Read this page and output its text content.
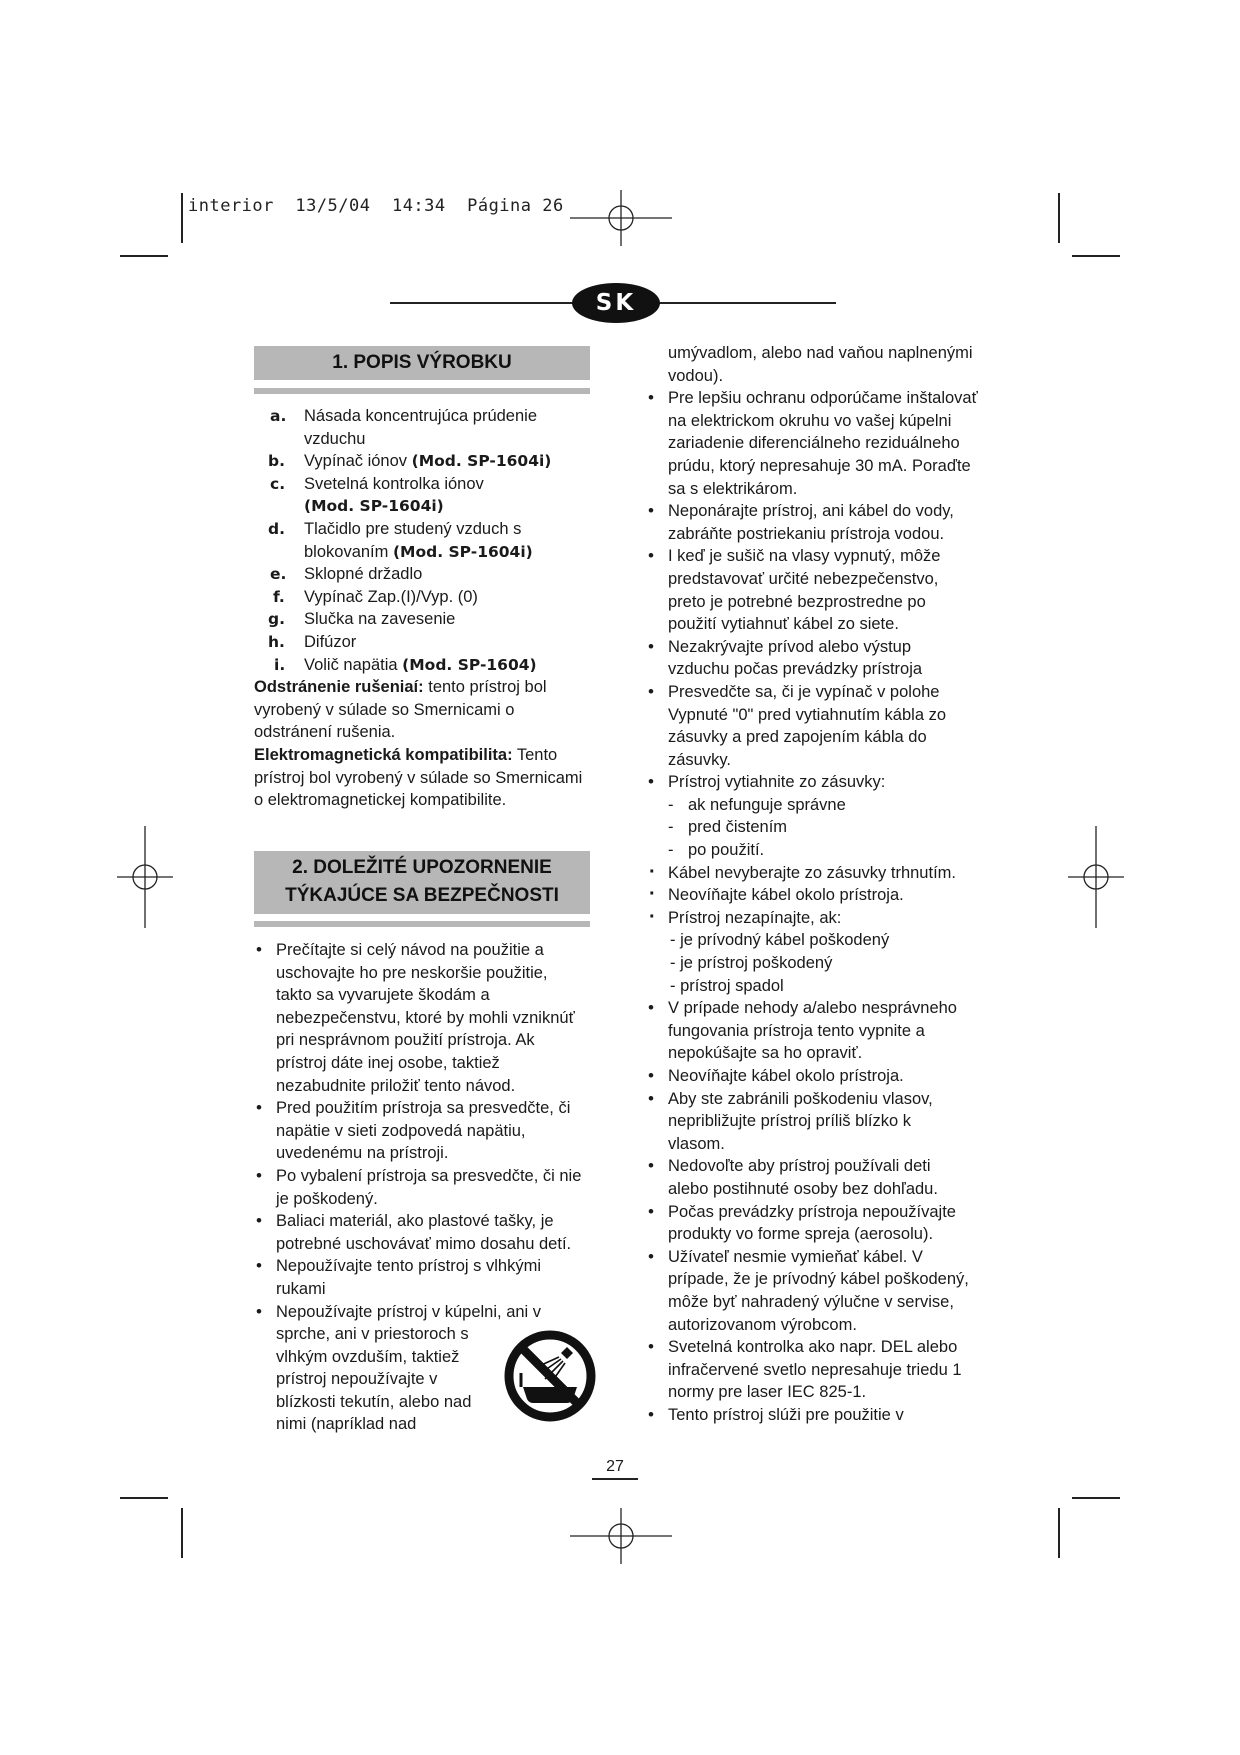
interior  13/5/04  14:34  Página 26
SK
1. POPIS VÝROBKU
a. Násada koncentrujúca prúdenie
vzduchu
b. Vypínač iónov (Mod. SP-1604i)
c. Svetelná kontrolka iónov
(Mod. SP-1604i)
d. Tlačidlo pre studený vzduch s
blokovaním (Mod. SP-1604i)
e. Sklopné držadlo
f. Vypínač Zap.(I)/Vyp. (0)
g. Slučka na zavesenie
h. Difúzor
i. Volič napätia (Mod. SP-1604)

Odstránenie rušeniaí: tento prístroj bol vyrobený v súlade so Smernicami o odstránení rušenia.

Elektromagnetická kompatibilita: Tento prístroj bol vyrobený v súlade so Smernicami o elektromagnetickej kompatibilite.

2. DOLEŽITÉ UPOZORNENIE
TÝKAJÚCE SA BEZPEČNOSTI

• Prečítajte si celý návod na použitie a uschovajte ho pre neskoršie použitie, takto sa vyvarujete škodám a nebezpečenstvu, ktoré by mohli vzniknúť pri nesprávnom použití prístroja. Ak prístroj dáte inej osobe, taktiež nezabudnite priložiť tento návod.

• Pred použitím prístroja sa presvedčte, či napätie v sieti zodpovedá napätiu, uvedenému na prístroji.

• Po vybalení prístroja sa presvedčte, či nie je poškodený.

• Baliaci materiál, ako plastové tašky, je potrebné uschovávať mimo dosahu detí.

• Nepoužívajte tento prístroj s vlhkými rukami

• Nepoužívajte prístroj v kúpelni, ani v
sprche, ani v priestoroch s
vlhkým ovzduším, taktiež
prístroj nepoužívajte v
blízkosti tekutín, alebo nad
nimi (napríklad nad

umývadlom, alebo nad vaňou naplnenými vodou).

• Pre lepšiu ochranu odporúčame inštalovať na elektrickom okruhu vo vašej kúpelni zariadenie diferenciálneho reziduálneho prúdu, ktorý nepresahuje 30 mA. Poraďte sa s elektrikárom.

• Neponárajte prístroj, ani kábel do vody, zabráňte postriekaniu prístroja vodou.

• I keď je sušič na vlasy vypnutý, môže predstavovať určité nebezpečenstvo, preto je potrebné bezprostredne po použití vytiahnuť kábel zo siete.

• Nezakrývajte prívod alebo výstup vzduchu počas prevádzky prístroja

• Presvedčte sa, či je vypínač v polohe Vypnuté "0" pred vytiahnutím kábla zo zásuvky a pred zapojením kábla do zásuvky.

• Prístroj vytiahnite zo zásuvky:

- ak nefunguje správne

- pred čistením

- po použití.

· Kábel nevyberajte zo zásuvky trhnutím.

· Neovíňajte kábel okolo prístroja.

· Prístroj nezapínajte, ak:

- je prívodný kábel poškodený

- je prístroj poškodený

- prístroj spadol

• V prípade nehody a/alebo nesprávneho fungovania prístroja tento vypnite a nepokúšajte sa ho opraviť.

• Neovíňajte kábel okolo prístroja.

• Aby ste zabránili poškodeniu vlasov, nepribližujte prístroj príliš blízko k vlasom.

• Nedovoľte aby prístroj používali deti alebo postihnuté osoby bez dohľadu.

• Počas prevádzky prístroja nepoužívajte produkty vo forme spreja (aerosolu).

• Užívateľ nesmie vymieňať kábel. V prípade, že je prívodný kábel poškodený, môže byť nahradený výlučne v servise, autorizovanom výrobcom.

• Svetelná kontrolka ako napr. DEL alebo infračervené svetlo nepresahuje triedu 1 normy pre laser IEC 825-1.

• Tento prístroj slúži pre použitie v

27
